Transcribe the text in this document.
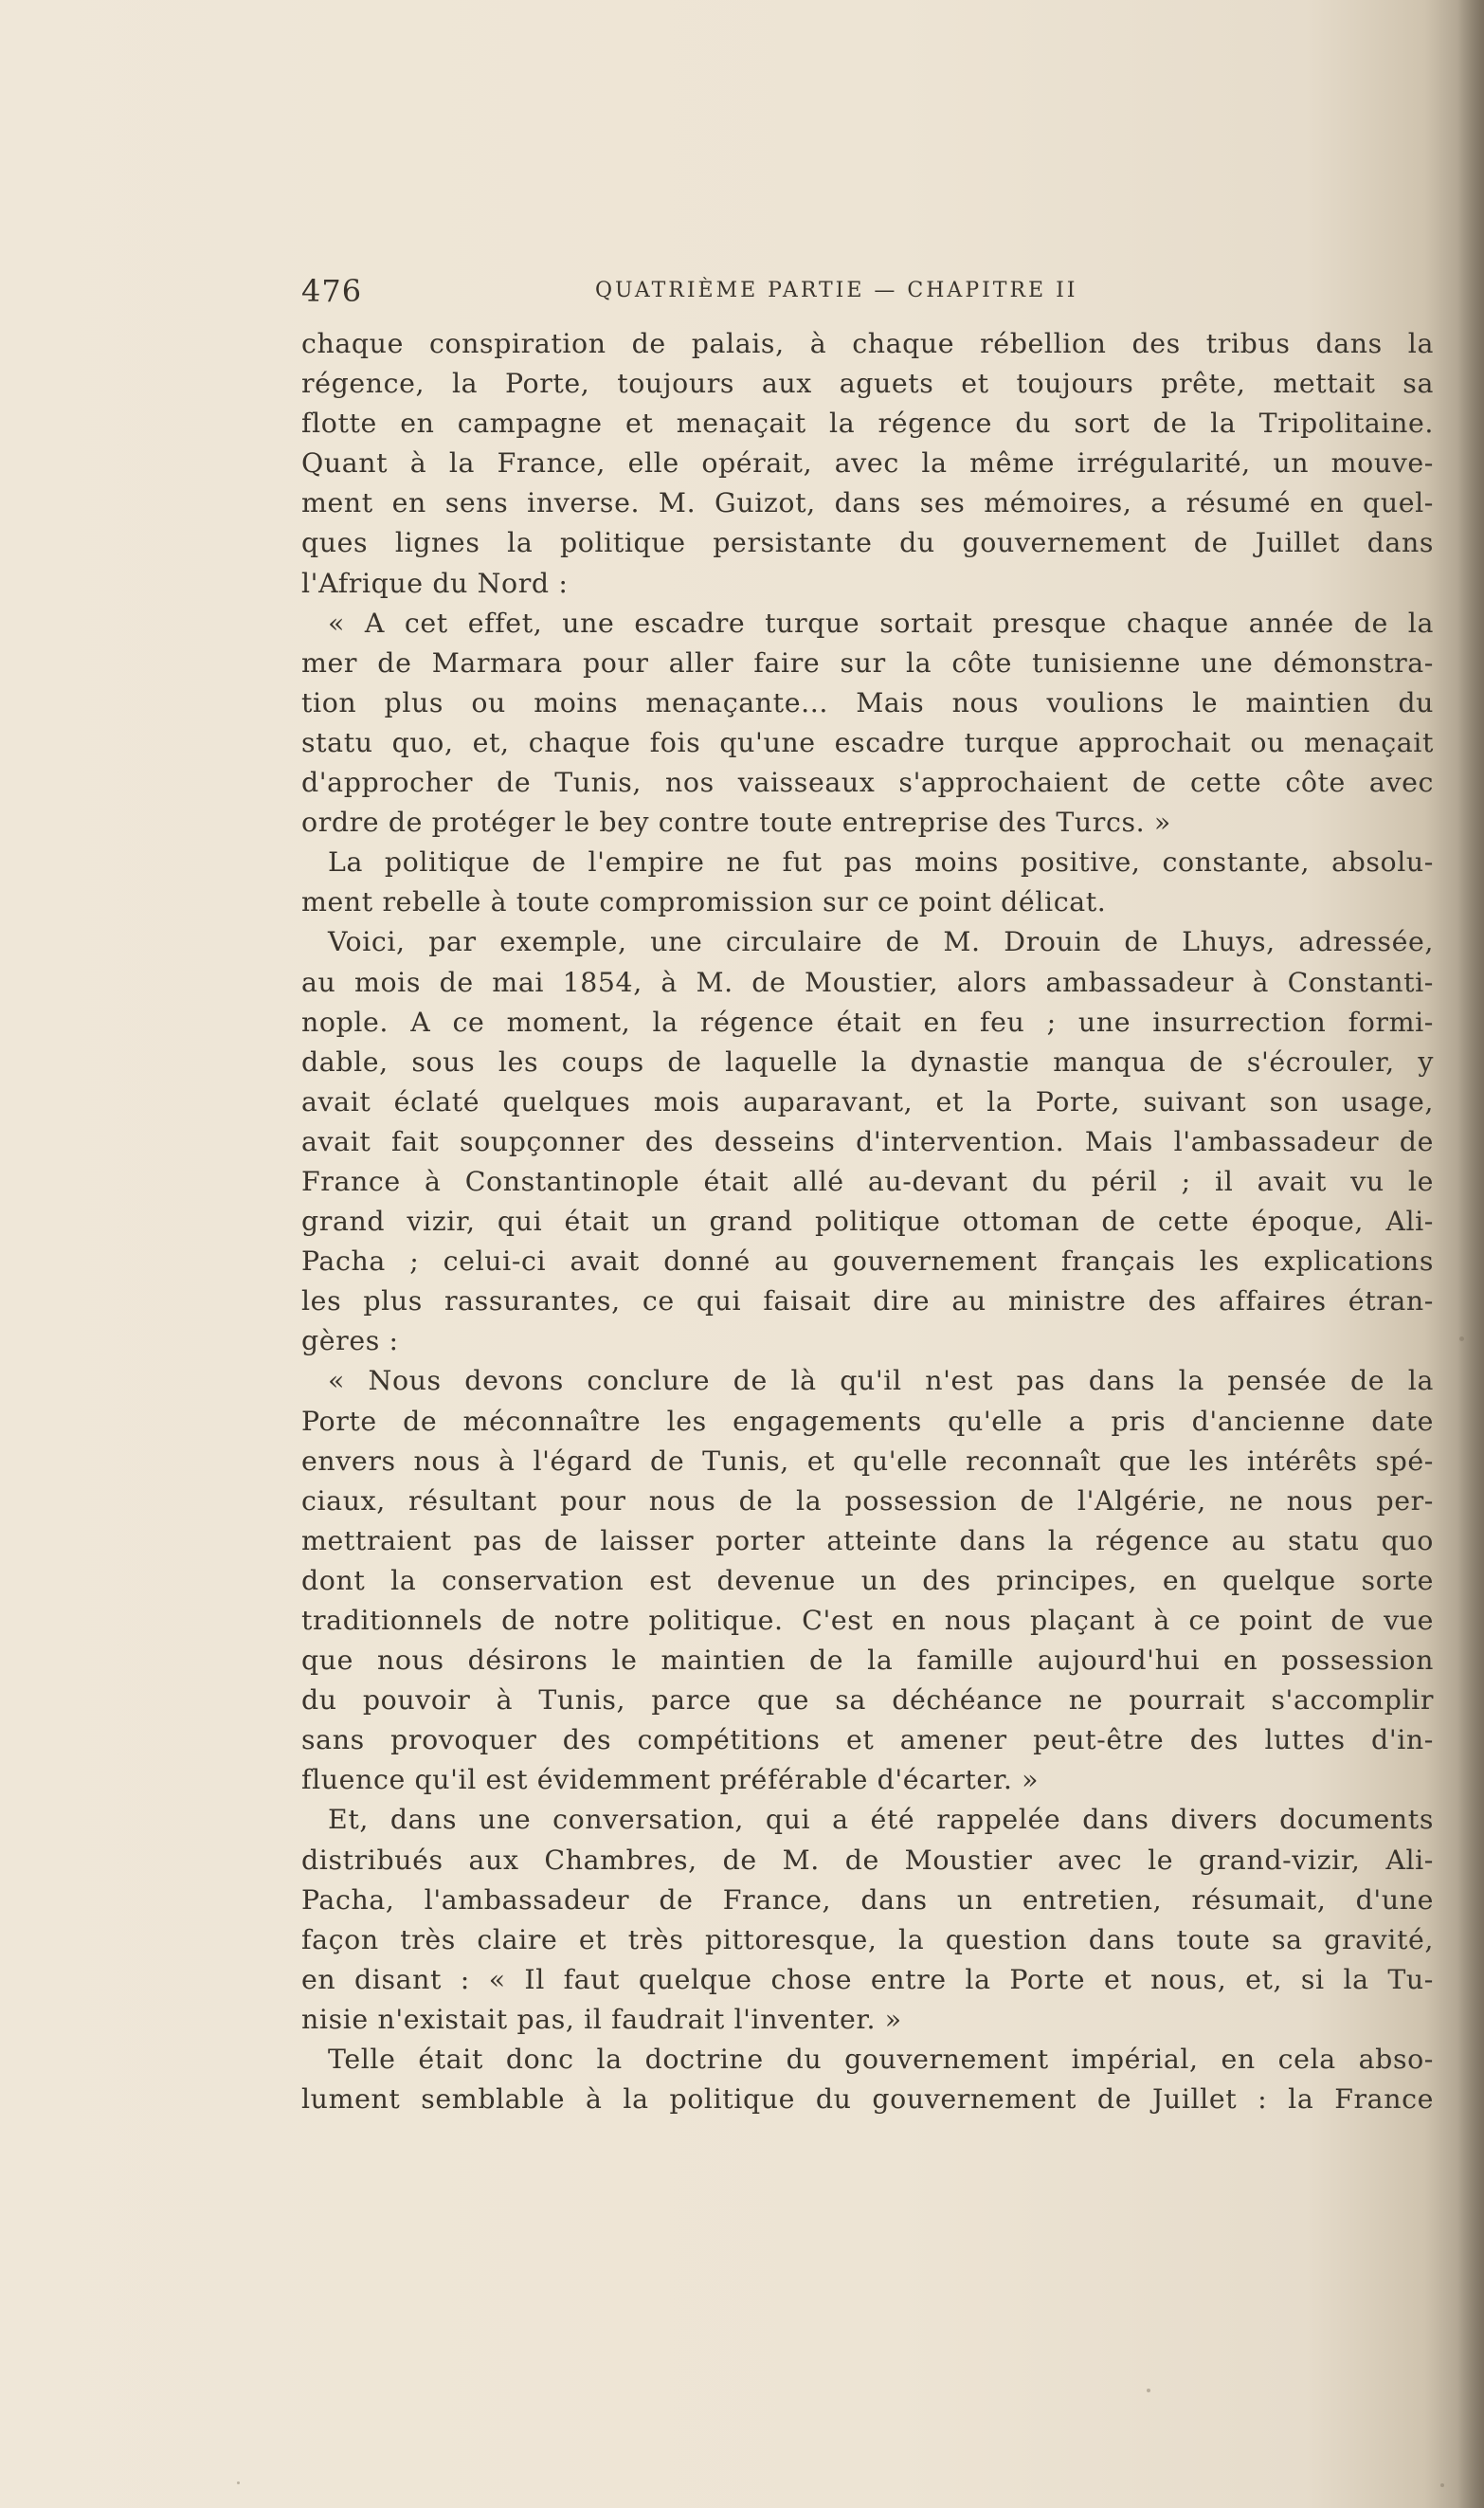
476	QUATRIÈME PARTIE — CHAPITRE II
chaque conspiration de palais, à chaque rébellion des tribus dans la
régence, la Porte, toujours aux aguets et toujours prête, mettait sa
flotte en campagne et menaçait la régence du sort de la Tripolitaine.
Quant à la France, elle opérait, avec la même irrégularité, un mouve-
ment en sens inverse. M. Guizot, dans ses mémoires, a résumé en quel-
ques lignes la politique persistante du gouvernement de Juillet dans
l'Afrique du Nord :
« A cet effet, une escadre turque sortait presque chaque année de la
mer de Marmara pour aller faire sur la côte tunisienne une démonstra-
tion plus ou moins menaçante... Mais nous voulions le maintien du
statu quo, et, chaque fois qu'une escadre turque approchait ou menaçait
d'approcher de Tunis, nos vaisseaux s'approchaient de cette côte avec
ordre de protéger le bey contre toute entreprise des Turcs. »
La politique de l'empire ne fut pas moins positive, constante, absolu-
ment rebelle à toute compromission sur ce point délicat.
Voici, par exemple, une circulaire de M. Drouin de Lhuys, adressée,
au mois de mai 1854, à M. de Moustier, alors ambassadeur à Constanti-
nople. A ce moment, la régence était en feu ; une insurrection formi-
dable, sous les coups de laquelle la dynastie manqua de s'écrouler, y
avait éclaté quelques mois auparavant, et la Porte, suivant son usage,
avait fait soupçonner des desseins d'intervention. Mais l'ambassadeur de
France à Constantinople était allé au-devant du péril ; il avait vu le
grand vizir, qui était un grand politique ottoman de cette époque, Ali-
Pacha ; celui-ci avait donné au gouvernement français les explications
les plus rassurantes, ce qui faisait dire au ministre des affaires étran-
gères :
« Nous devons conclure de là qu'il n'est pas dans la pensée de la
Porte de méconnaître les engagements qu'elle a pris d'ancienne date
envers nous à l'égard de Tunis, et qu'elle reconnaît que les intérêts spé-
ciaux, résultant pour nous de la possession de l'Algérie, ne nous per-
mettraient pas de laisser porter atteinte dans la régence au statu quo
dont la conservation est devenue un des principes, en quelque sorte
traditionnels de notre politique. C'est en nous plaçant à ce point de vue
que nous désirons le maintien de la famille aujourd'hui en possession
du pouvoir à Tunis, parce que sa déchéance ne pourrait s'accomplir
sans provoquer des compétitions et amener peut-être des luttes d'in-
fluence qu'il est évidemment préférable d'écarter. »
Et, dans une conversation, qui a été rappelée dans divers documents
distribués aux Chambres, de M. de Moustier avec le grand-vizir, Ali-
Pacha, l'ambassadeur de France, dans un entretien, résumait, d'une
façon très claire et très pittoresque, la question dans toute sa gravité,
en disant : « Il faut quelque chose entre la Porte et nous, et, si la Tu-
nisie n'existait pas, il faudrait l'inventer. »
Telle était donc la doctrine du gouvernement impérial, en cela abso-
lument semblable à la politique du gouvernement de Juillet : la France
